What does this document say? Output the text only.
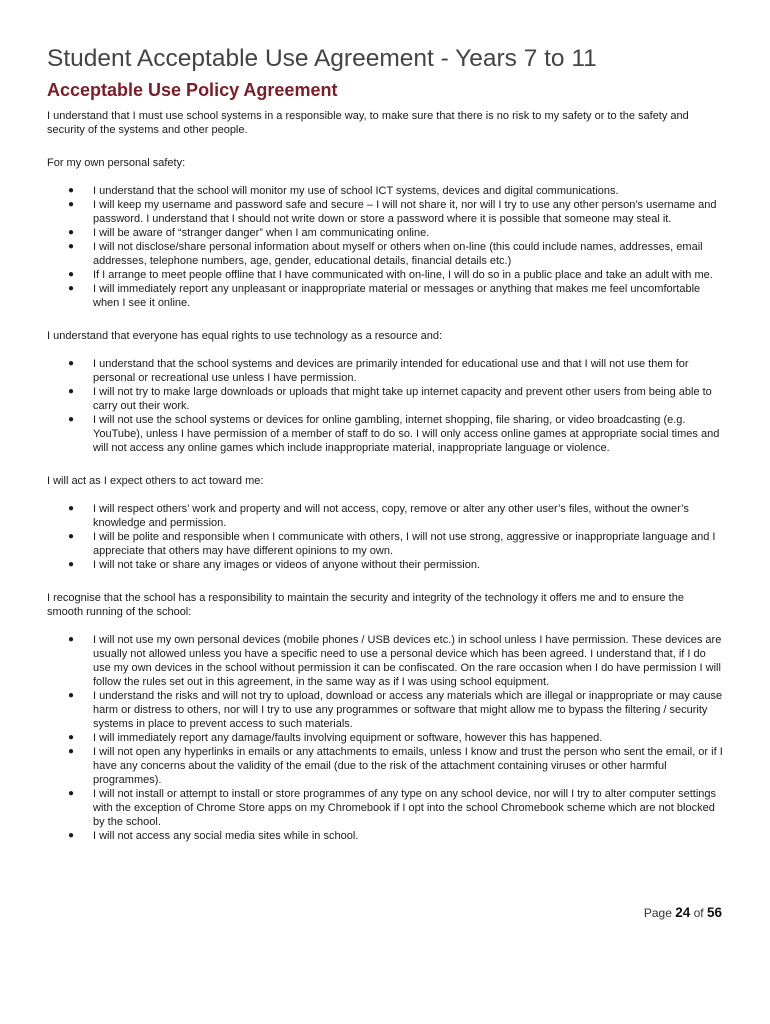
Student Acceptable Use Agreement - Years 7 to 11
Acceptable Use Policy Agreement

I understand that I must use school systems in a responsible way, to make sure that there is no risk to my safety or to the safety and security of the systems and other people.

For my own personal safety:

● I understand that the school will monitor my use of school ICT systems, devices and digital communications.
● I will keep my username and password safe and secure – I will not share it, nor will I try to use any other person’s username and password. I understand that I should not write down or store a password where it is possible that someone may steal it.
● I will be aware of “stranger danger” when I am communicating online.
● I will not disclose/share personal information about myself or others when on-line (this could include names, addresses, email addresses, telephone numbers, age, gender, educational details, financial details etc.)
● If I arrange to meet people offline that I have communicated with on-line, I will do so in a public place and take an adult with me.
● I will immediately report any unpleasant or inappropriate material or messages or anything that makes me feel uncomfortable when I see it online.

I understand that everyone has equal rights to use technology as a resource and:

● I understand that the school systems and devices are primarily intended for educational use and that I will not use them for personal or recreational use unless I have permission.
● I will not try to make large downloads or uploads that might take up internet capacity and prevent other users from being able to carry out their work.
● I will not use the school systems or devices for online gambling, internet shopping, file sharing, or video broadcasting (e.g. YouTube), unless I have permission of a member of staff to do so. I will only access online games at appropriate social times and will not access any online games which include inappropriate material, inappropriate language or violence.

I will act as I expect others to act toward me:

● I will respect others’ work and property and will not access, copy, remove or alter any other user’s files, without the owner’s knowledge and permission.
● I will be polite and responsible when I communicate with others, I will not use strong, aggressive or inappropriate language and I appreciate that others may have different opinions to my own.
● I will not take or share any images or videos of anyone without their permission.

I recognise that the school has a responsibility to maintain the security and integrity of the technology it offers me and to ensure the smooth running of the school:

● I will not use my own personal devices (mobile phones / USB devices etc.) in school unless I have permission. These devices are usually not allowed unless you have a specific need to use a personal device which has been agreed. I understand that, if I do use my own devices in the school without permission it can be confiscated. On the rare occasion when I do have permission I will follow the rules set out in this agreement, in the same way as if I was using school equipment.
● I understand the risks and will not try to upload, download or access any materials which are illegal or inappropriate or may cause harm or distress to others, nor will I try to use any programmes or software that might allow me to bypass the filtering / security systems in place to prevent access to such materials.
● I will immediately report any damage/faults involving equipment or software, however this has happened.
● I will not open any hyperlinks in emails or any attachments to emails, unless I know and trust the person who sent the email, or if I have any concerns about the validity of the email (due to the risk of the attachment containing viruses or other harmful programmes).
● I will not install or attempt to install or store programmes of any type on any school device, nor will I try to alter computer settings with the exception of Chrome Store apps on my Chromebook if I opt into the school Chromebook scheme which are not blocked by the school.
● I will not access any social media sites while in school.
Page 24 of 56
